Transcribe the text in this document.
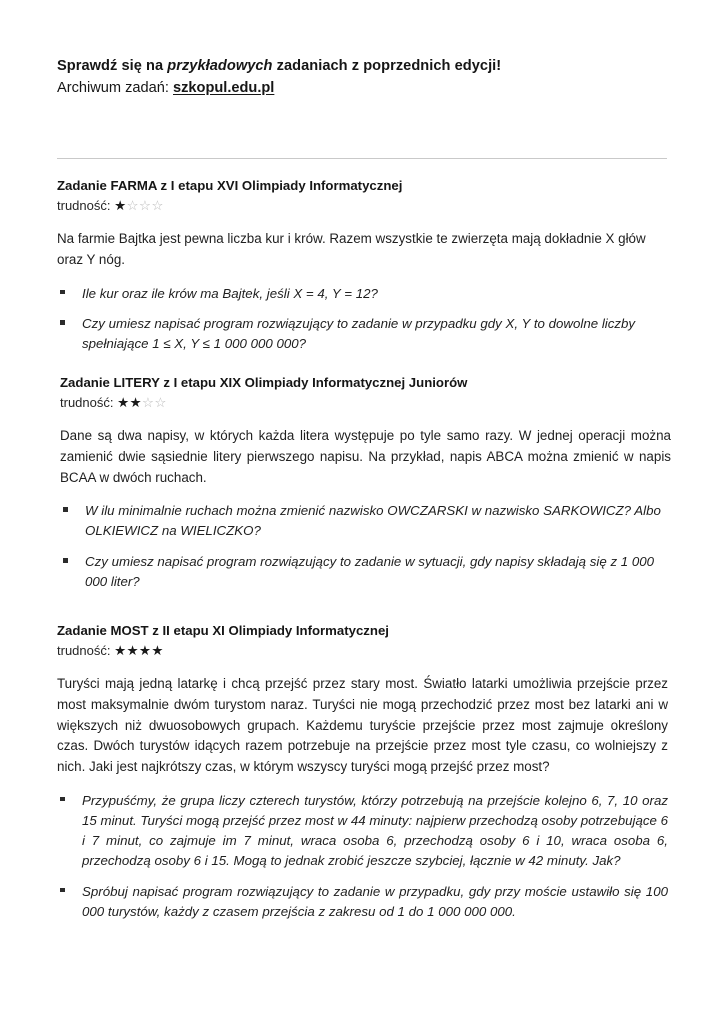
Sprawdź się na przykładowych zadaniach z poprzednich edycji!
Archiwum zadań: szkopul.edu.pl
Zadanie FARMA z I etapu XVI Olimpiady Informatycznej
trudność: ★☆☆☆
Na farmie Bajtka jest pewna liczba kur i krów. Razem wszystkie te zwierzęta mają dokładnie X głów oraz Y nóg.
Ile kur oraz ile krów ma Bajtek, jeśli X = 4, Y = 12?
Czy umiesz napisać program rozwiązujący to zadanie w przypadku gdy X, Y to dowolne liczby spełniające 1 ≤ X, Y ≤ 1 000 000 000?
Zadanie LITERY z I etapu XIX Olimpiady Informatycznej Juniorów
trudność: ★★☆☆
Dane są dwa napisy, w których każda litera występuje po tyle samo razy. W jednej operacji można zamienić dwie sąsiednie litery pierwszego napisu. Na przykład, napis ABCA można zmienić w napis BCAA w dwóch ruchach.
W ilu minimalnie ruchach można zmienić nazwisko OWCZARSKI w nazwisko SARKOWICZ? Albo OLKIEWICZ na WIELICZKO?
Czy umiesz napisać program rozwiązujący to zadanie w sytuacji, gdy napisy składają się z 1 000 000 liter?
Zadanie MOST z II etapu XI Olimpiady Informatycznej
trudność: ★★★★
Turyści mają jedną latarkę i chcą przejść przez stary most. Światło latarki umożliwia przejście przez most maksymalnie dwóm turystom naraz. Turyści nie mogą przechodzić przez most bez latarki ani w większych niż dwuosobowych grupach. Każdemu turyście przejście przez most zajmuje określony czas. Dwóch turystów idących razem potrzebuje na przejście przez most tyle czasu, co wolniejszy z nich. Jaki jest najkrótszy czas, w którym wszyscy turyści mogą przejść przez most?
Przypuśćmy, że grupa liczy czterech turystów, którzy potrzebują na przejście kolejno 6, 7, 10 oraz 15 minut. Turyści mogą przejść przez most w 44 minuty: najpierw przechodzą osoby potrzebujące 6 i 7 minut, co zajmuje im 7 minut, wraca osoba 6, przechodzą osoby 6 i 10, wraca osoba 6, przechodzą osoby 6 i 15. Mogą to jednak zrobić jeszcze szybciej, łącznie w 42 minuty. Jak?
Spróbuj napisać program rozwiązujący to zadanie w przypadku, gdy przy moście ustawiło się 100 000 turystów, każdy z czasem przejścia z zakresu od 1 do 1 000 000 000.
